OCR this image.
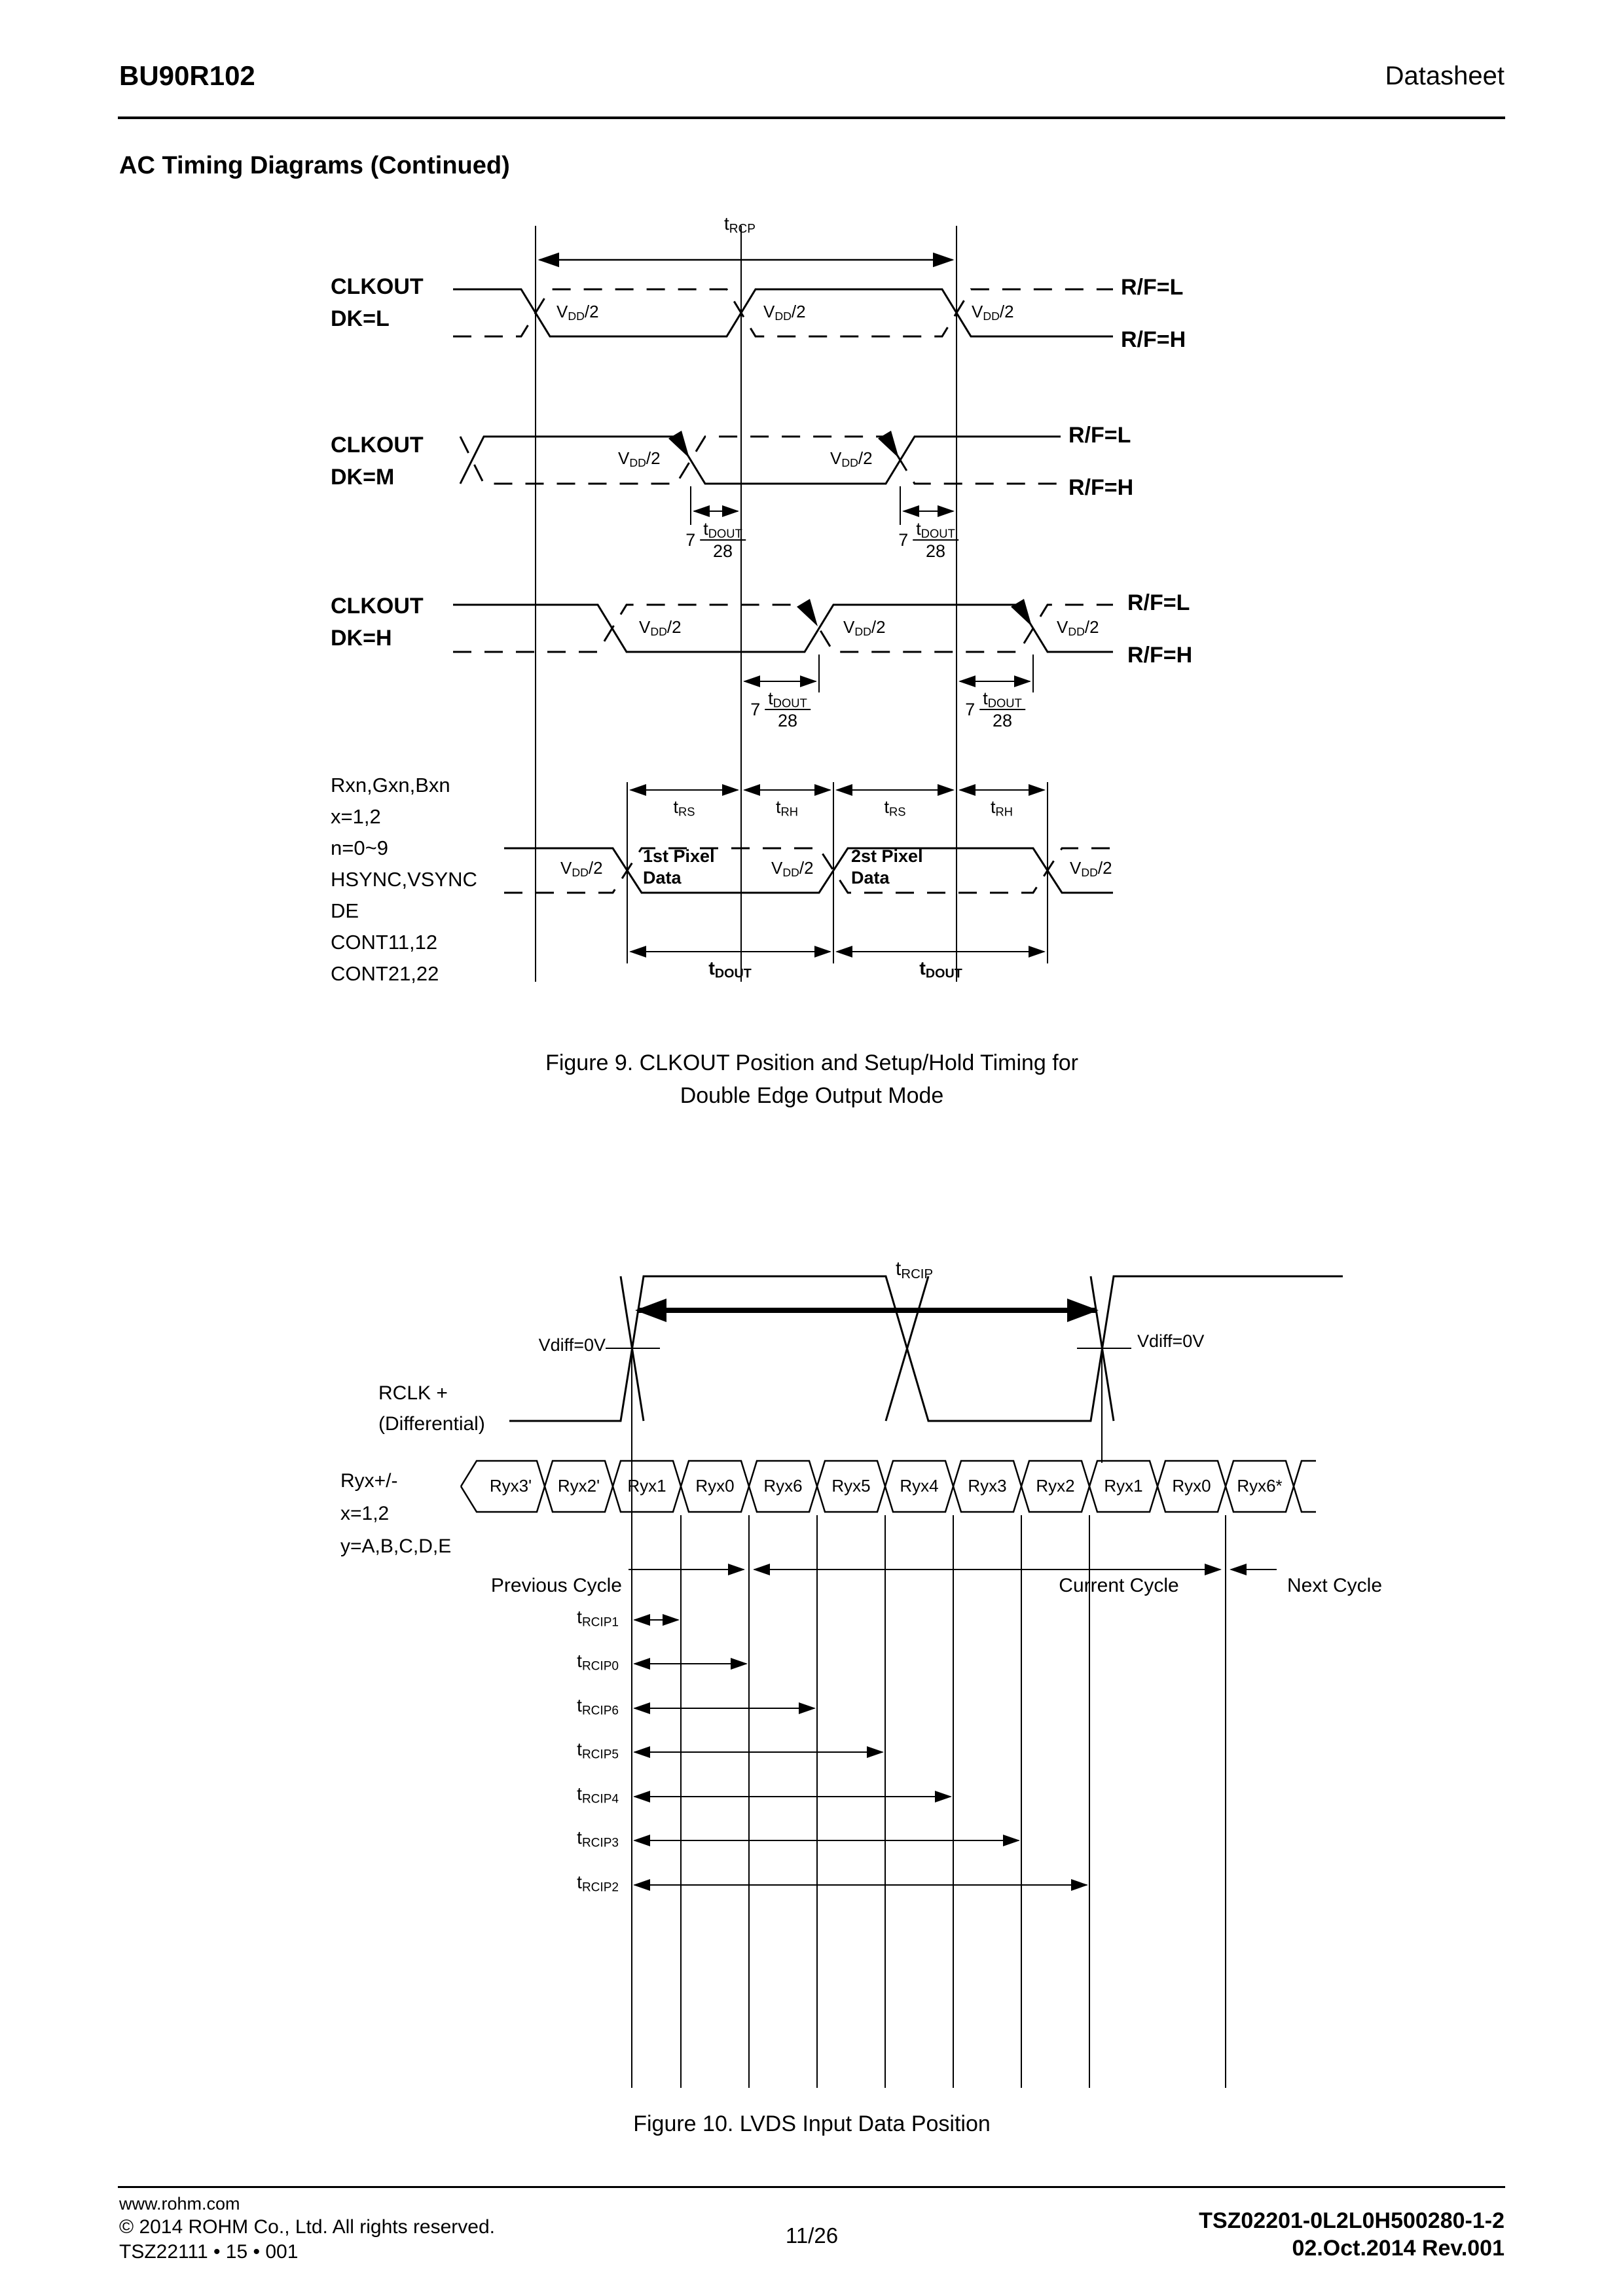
BU90R102	Datasheet
AC Timing Diagrams (Continued)
$t_{RCP}$
CLKOUT
DK=L
R/F=L
R/F=H
$V_{DD}/2$	$V_{DD}/2$	$V_{DD}/2$
CLKOUT
DK=M
R/F=L
R/F=H
$V_{DD}/2$	$V_{DD}/2$
$7 \frac{t_{DOUT}}{28}$	$7 \frac{t_{DOUT}}{28}$
CLKOUT
DK=H
R/F=L
R/F=H
$V_{DD}/2$	$V_{DD}/2$	$V_{DD}/2$
$7 \frac{t_{DOUT}}{28}$	$7 \frac{t_{DOUT}}{28}$
Rxn,Gxn,Bxn
x=1,2
n=0~9
HSYNC,VSYNC
DE
CONT11,12
CONT21,22
$t_{RS}$	$t_{RH}$	$t_{RS}$	$t_{RH}$
$V_{DD}/2$	$V_{DD}/2$	$V_{DD}/2$
1st Pixel
Data
2st Pixel
Data
$t_{DOUT}$	$t_{DOUT}$
Figure 9. CLKOUT Position and Setup/Hold Timing for
Double Edge Output Mode
$t_{RCIP}$
Vdiff=0V	Vdiff=0V
RCLK +
(Differential)
Ryx+/-
x=1,2
y=A,B,C,D,E
Ryx3' Ryx2' Ryx1 Ryx0 Ryx6 Ryx5 Ryx4 Ryx3 Ryx2 Ryx1 Ryx0 Ryx6*
Previous Cycle	Current Cycle	Next Cycle
$t_{RCIP1}$
$t_{RCIP0}$
$t_{RCIP6}$
$t_{RCIP5}$
$t_{RCIP4}$
$t_{RCIP3}$
$t_{RCIP2}$
Figure 10. LVDS Input Data Position
www.rohm.com
© 2014 ROHM Co., Ltd. All rights reserved.
TSZ22111 • 15 • 001
11/26
TSZ02201-0L2L0H500280-1-2
02.Oct.2014 Rev.001
